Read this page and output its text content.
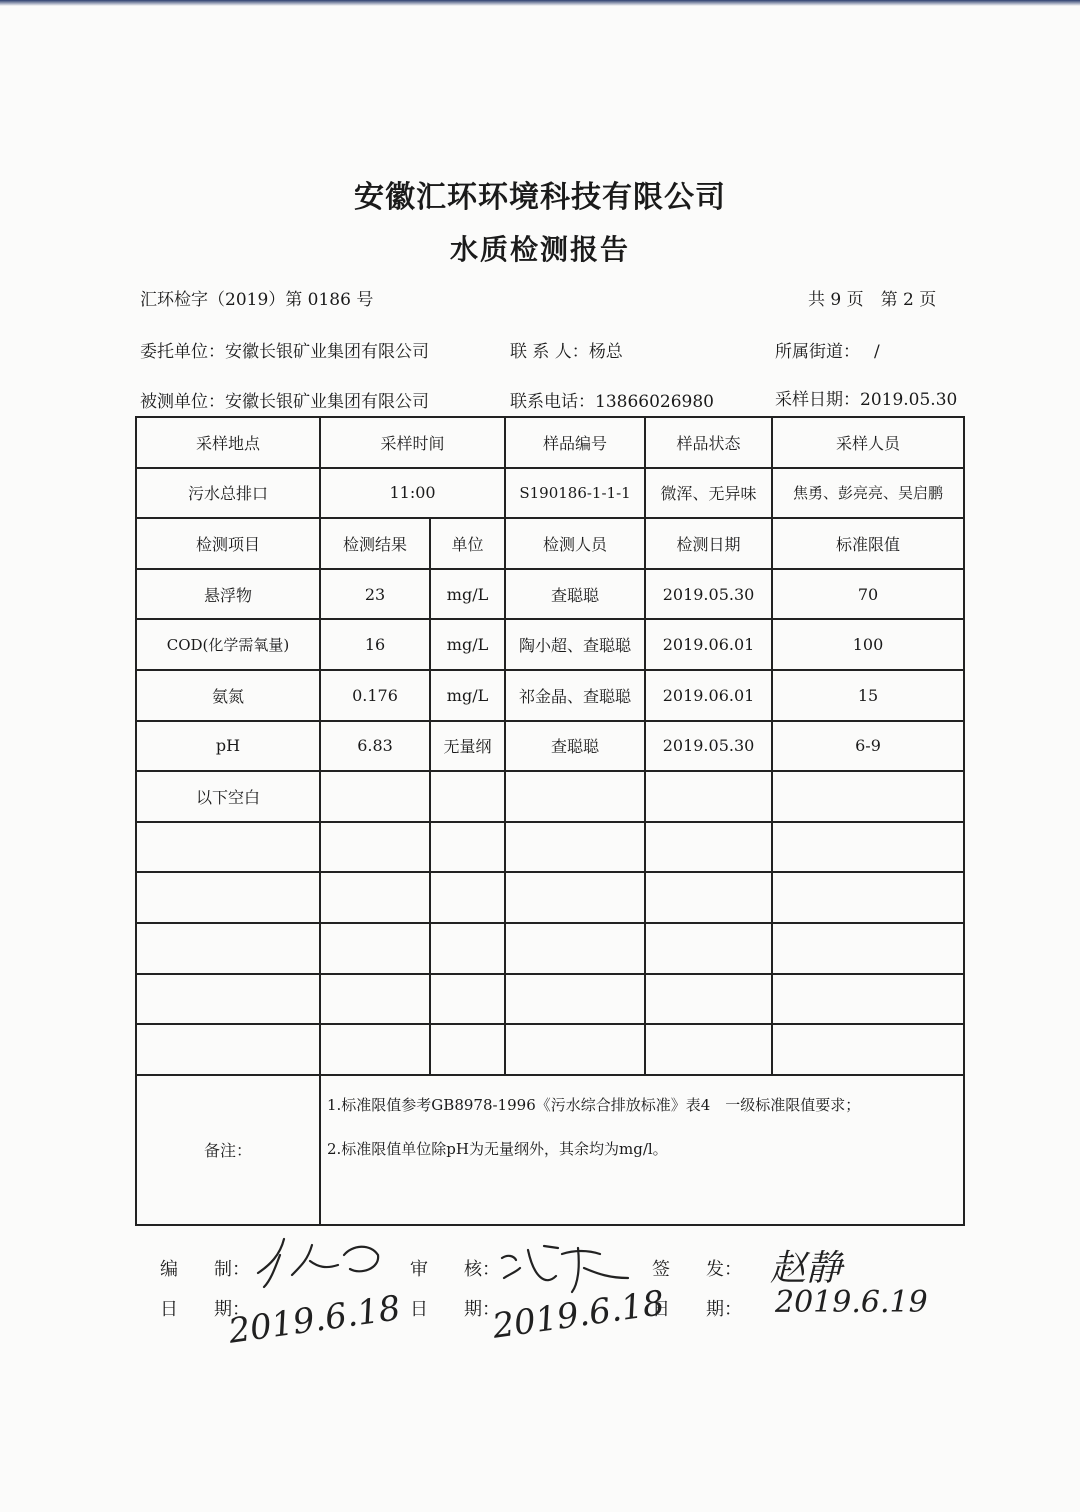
安徽汇环环境科技有限公司
水质检测报告
汇环检字（2019）第 0186 号	共 9 页　第 2 页
委托单位：安徽长银矿业集团有限公司	联 系 人：杨总	所属街道： /
被测单位：安徽长银矿业集团有限公司	联系电话：13866026980	采样日期：2019.05.30
采样地点	采样时间		样品编号	样品状态	采样人员
污水总排口	11:00		S190186-1-1-1	微浑、无异味	焦勇、彭亮亮、吴启鹏
检测项目	检测结果	单位	检测人员	检测日期	标准限值
悬浮物	23	mg/L	查聪聪	2019.05.30	70
COD(化学需氧量)	16	mg/L	陶小超、查聪聪	2019.06.01	100
氨氮	0.176	mg/L	祁金晶、查聪聪	2019.06.01	15
pH	6.83	无量纲	查聪聪	2019.05.30	6-9
以下空白					

备注：	1.标准限值参考GB8978-1996《污水综合排放标准》表4　一级标准限值要求；

2.标准限值单位除pH为无量纲外，其余均为mg/l。				

编　　制：	审　　核：	签　　发：
日　　期：	日　　期：	日　　期：
赵静
2019.6.18	2019.6.18	2019.6.19
